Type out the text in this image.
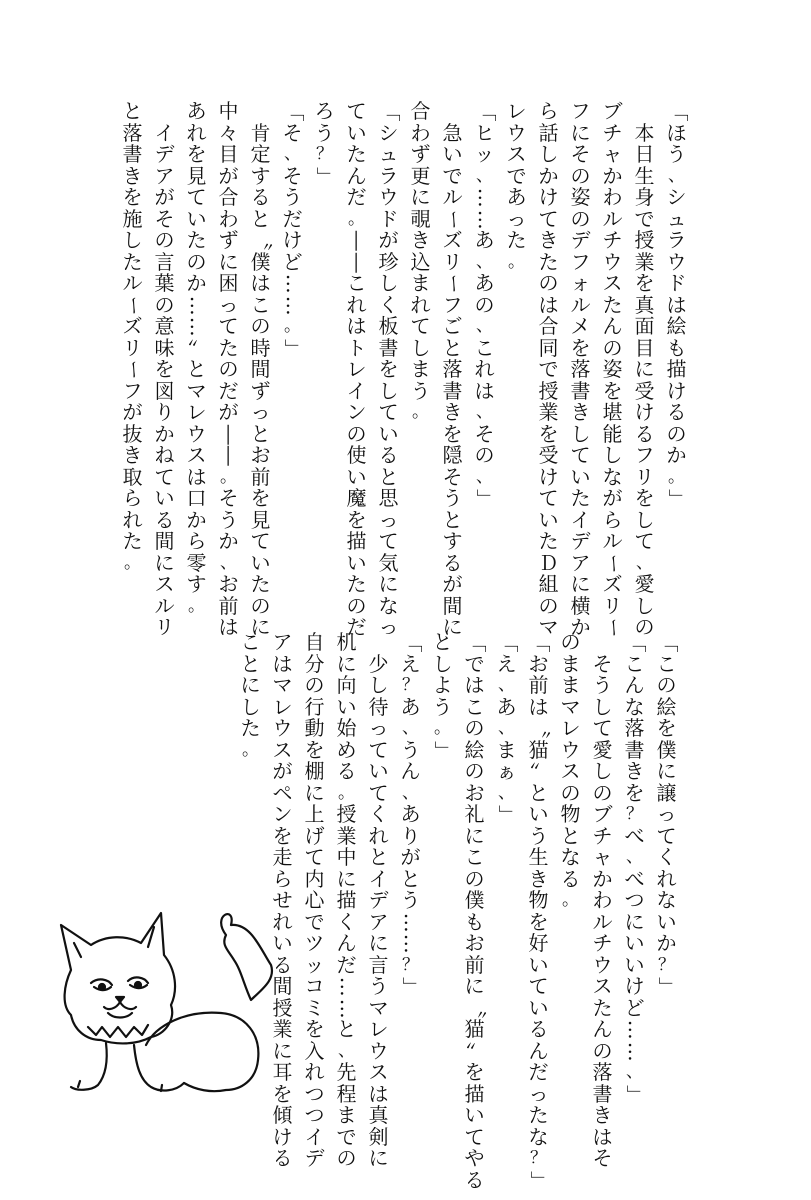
「
ほ
う
、
シ
ュ
ラ
ウ
ド
は
絵
も
描
け
る
の
か
。
」

本
日
生
身
で
授
業
を
真
面
目
に
受
け
る
フ
リ
を
し
て
、
愛
し
の
ブ
チ
ャ
か
わ
ル
チ
ウ
ス
た
ん
の
姿
を
堪
能
し
な
が
ら
ル
ー
ズ
リ
ー
フ
に
そ
の
姿
の
デ
フ
ォ
ル
メ
を
落
書
き
し
て
い
た
イ
デ
ア
に
横
か
ら
話
し
か
け
て
き
た
の
は
合
同
で
授
業
を
受
け
て
い
た
Ｄ
組
の
マ
レ
ウ
ス
で
あ
っ
た
。
「
ヒ
ッ
、
…
…
あ
、
あ
の
、
こ
れ
は
、
そ
の
、
」

急
い
で
ル
ー
ズ
リ
ー
フ
ご
と
落
書
き
を
隠
そ
う
と
す
る
が
間
に
合
わ
ず
更
に
覗
き
込
ま
れ
て
し
ま
う
。
「
シ
ュ
ラ
ウ
ド
が
珍
し
く
板
書
を
し
て
い
る
と
思
っ
て
気
に
な
っ
て
い
た
ん
だ
。
―
―
こ
れ
は
ト
レ
イ
ン
の
使
い
魔
を
描
い
た
の
だ
ろ
う
？
」
「
そ
、
そ
う
だ
け
ど
…
…
。
」

肯
定
す
る
と
〝
僕
は
こ
の
時
間
ず
っ
と
お
前
を
見
て
い
た
の
に
中
々
目
が
合
わ
ず
に
困
っ
て
た
の
だ
が
―
―
。
そ
う
か
、
お
前
は
あ
れ
を
見
て
い
た
の
か
…
…
〟
と
マ
レ
ウ
ス
は
口
か
ら
零
す
。

イ
デ
ア
が
そ
の
言
葉
の
意
味
を
図
り
か
ね
て
い
る
間
に
ス
ル
リ
と
落
書
き
を
施
し
た
ル
ー
ズ
リ
ー
フ
が
抜
き
取
ら
れ
た
。
「
こ
の
絵
を
僕
に
譲
っ
て
く
れ
な
い
か
？
」
「
こ
ん
な
落
書
き
を
？
べ
、
べ
つ
に
い
い
け
ど
…
…
、
」

そ
う
し
て
愛
し
の
ブ
チ
ャ
か
わ
ル
チ
ウ
ス
た
ん
の
落
書
き
は
そ
の
ま
ま
マ
レ
ウ
ス
の
物
と
な
る
。
「
お
前
は
〝
猫
〟
と
い
う
生
き
物
を
好
い
て
い
る
ん
だ
っ
た
な
？
」
「
え
、
あ
、
ま
ぁ
、
」
「
で
は
こ
の
絵
の
お
礼
に
こ
の
僕
も
お
前
に
〝
猫
〟
を
描
い
て
や
る
と
し
よ
う
。
」
「
え
？
あ
、
う
ん
、
あ
り
が
と
う
…
…
？
」

少
し
待
っ
て
い
て
く
れ
と
イ
デ
ア
に
言
う
マ
レ
ウ
ス
は
真
剣
に
机
に
向
い
始
め
る
。
授
業
中
に
描
く
ん
だ
…
…
と
、
先
程
ま
で
の
自
分
の
行
動
を
棚
に
上
げ
て
内
心
で
ツ
ッ
コ
ミ
を
入
れ
つ
つ
イ
デ
ア
は
マ
レ
ウ
ス
が
ペ
ン
を
走
ら
せ
れ
い
る
間
授
業
に
耳
を
傾
け
る
こ
と
に
し
た
。
